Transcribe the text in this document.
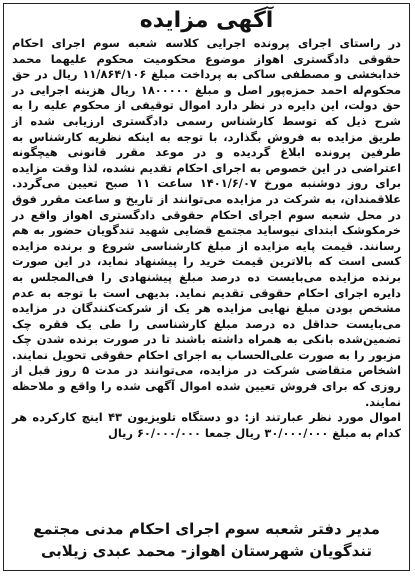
آگهی مزایده

در راستای اجرای پرونده اجرایی کلاسه شعبه سوم اجرای احکام حقوقی دادگستری اهواز موضوع محکومیت محکوم علیهما محمد خدابخشی و مصطفی ساکی به پرداخت مبلغ ۱۱/۸۶۴/۱۰۶ ریال در حق محکوم‌له احمد حمزه‌پور اصل و مبلغ ۱۸۰۰۰۰۰ ریال هزینه اجرایی در حق دولت، این دایره در نظر دارد اموال توقیفی از محکوم علیه را به شرح ذیل که توسط کارشناس رسمی دادگستری ارزیابی شده از طریق مزایده به فروش بگذارد، با توجه به اینکه نظریه کارشناس به طرفین پرونده ابلاغ گردیده و در موعد مقرر قانونی هیچگونه اعتراضی در این خصوص به اجرای احکام تقدیم نشده، لذا وقت مزایده برای روز دوشنبه مورخ ۱۴۰۱/۶/۰۷ ساعت ۱۱ صبح تعیین می‌گردد. علاقمندان، به شرکت در مزایده می‌توانند از تاریخ و ساعت مقرر فوق در محل شعبه سوم اجرای احکام حقوقی دادگستری اهواز واقع در خرمکوشک ابتدای نیوساید مجتمع قضایی شهید تندگویان حضور به هم رسانند. قیمت پایه مزایده از مبلغ کارشناسی شروع و برنده مزایده کسی است که بالاترین قیمت خرید را پیشنهاد نماید، در این صورت برنده مزایده می‌بایست ده درصد مبلغ پیشنهادی را فی‌المجلس به دایره اجرای احکام حقوقی تقدیم نماید. بدیهی است با توجه به عدم مشخص بودن مبلغ نهایی مزایده هر یک از شرکت‌کنندگان در مزایده می‌بایست حداقل ده درصد مبلغ کارشناسی را طی یک فقره چک تضمین‌شده بانکی به همراه داشته باشند تا در صورت برنده شدن چک مزبور را به صورت علی‌الحساب به اجرای احکام حقوقی تحویل نمایند. اشخاص متقاضی شرکت در مزایده، می‌توانند در مدت ۵ روز قبل از روزی که برای فروش تعیین شده اموال آگهی شده را واقع و ملاحظه نمایند.

اموال مورد نظر عبارتند از: دو دستگاه تلویزیون ۴۳ اینچ کارکرده هر کدام به مبلغ ۳۰/۰۰۰/۰۰۰ ریال جمعا ۶۰/۰۰۰/۰۰۰ ریال

مدیر دفتر شعبه سوم اجرای احکام مدنی مجتمع
تندگویان شهرستان اهواز- محمد عبدی زیلابی
